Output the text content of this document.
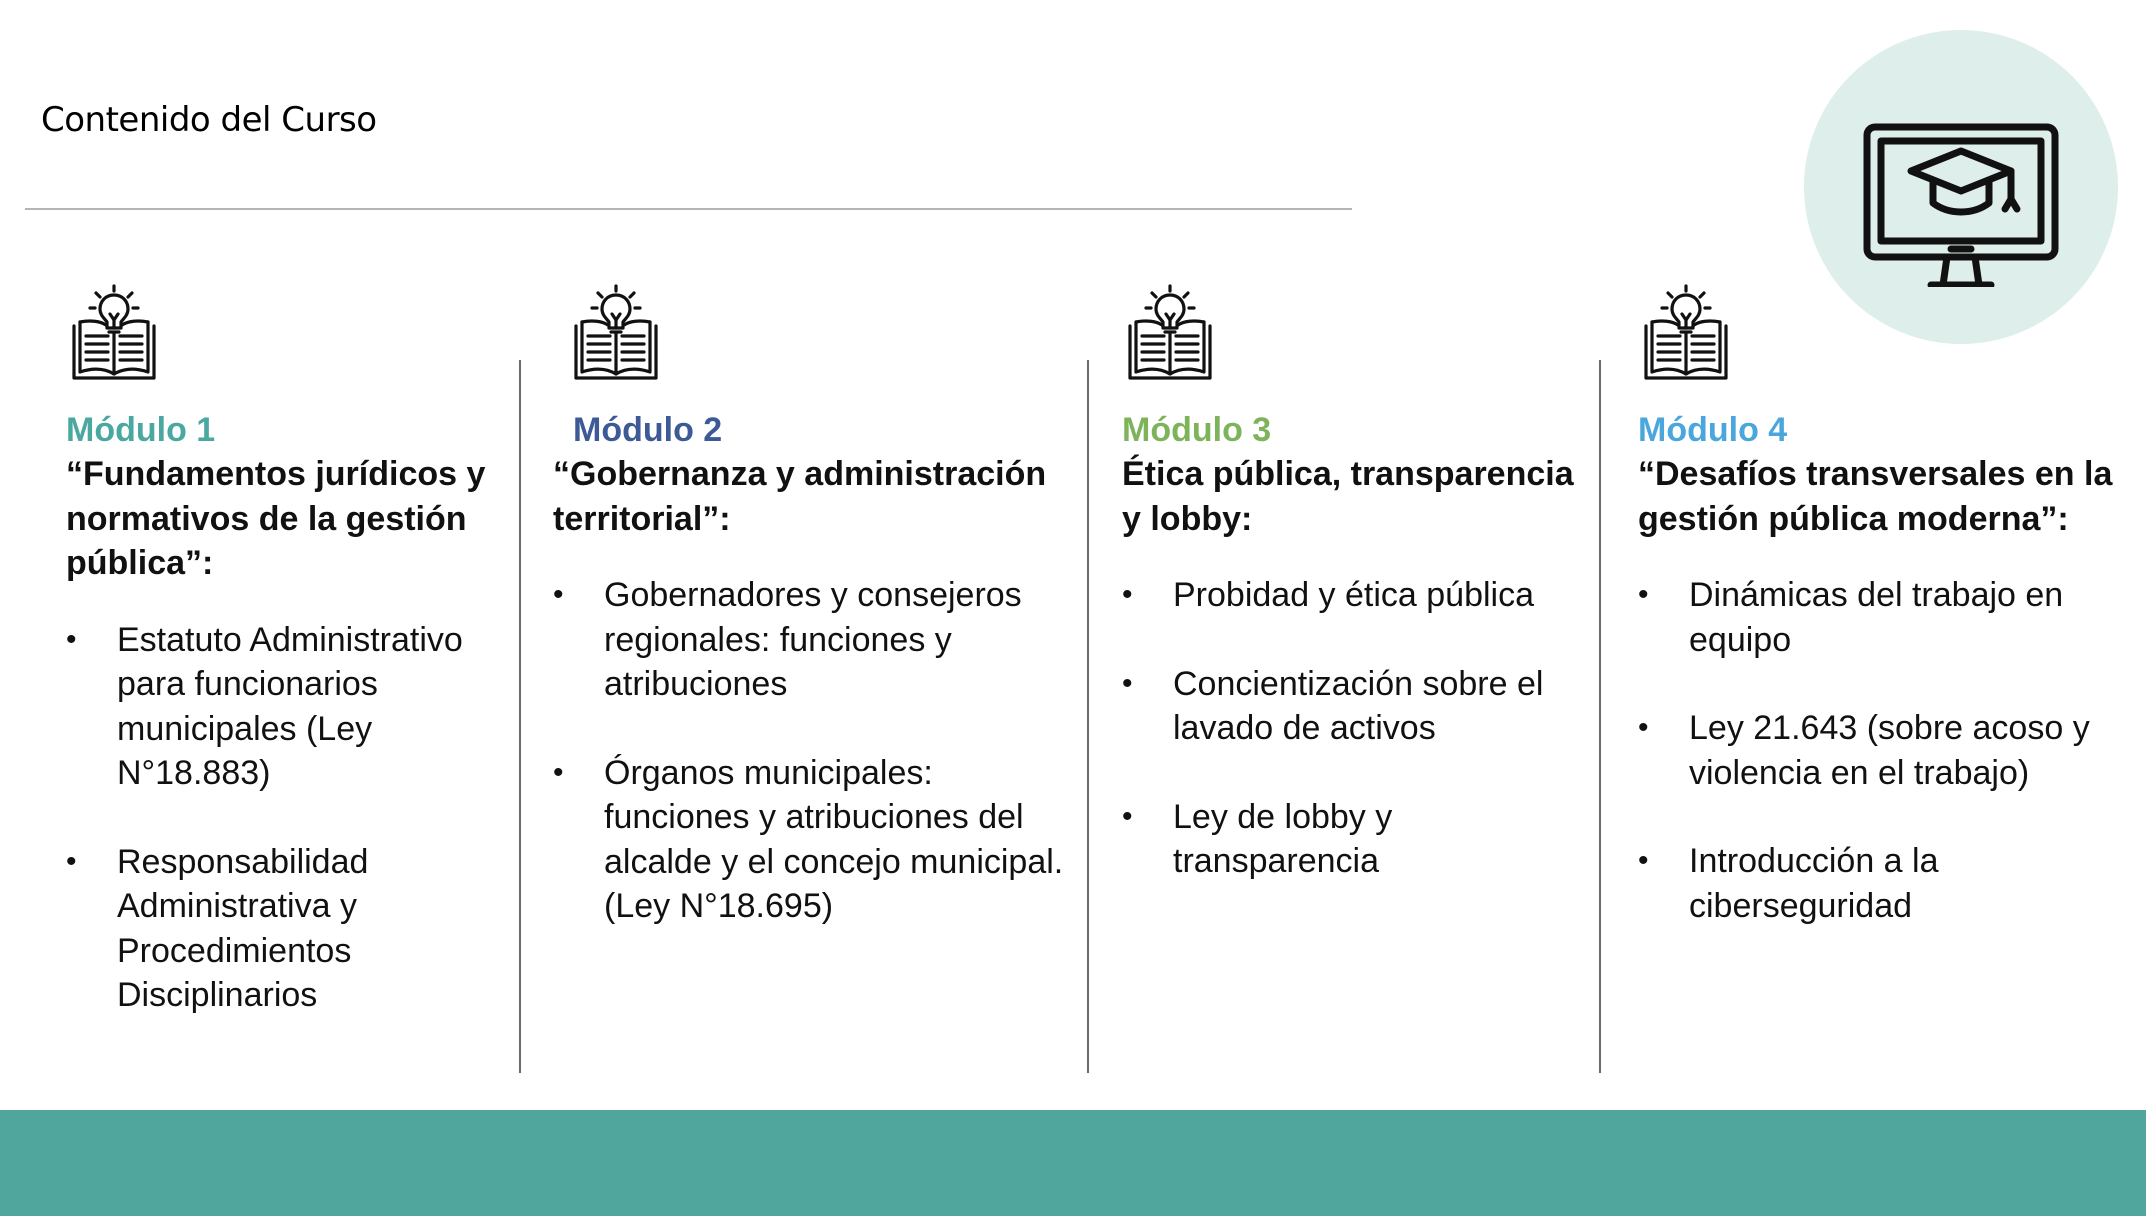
Contenido del Curso
Módulo 1
“Fundamentos jurídicos y normativos de la gestión pública”:
• Estatuto Administrativo para funcionarios municipales (Ley N°18.883)
• Responsabilidad Administrativa y Procedimientos Disciplinarios
Módulo 2
“Gobernanza y administración territorial”:
• Gobernadores y consejeros regionales: funciones y atribuciones
• Órganos municipales: funciones y atribuciones del alcalde y el concejo municipal. (Ley N°18.695)
Módulo 3
Ética pública, transparencia y lobby:
• Probidad y ética pública
• Concientización sobre el lavado de activos
• Ley de lobby y transparencia
Módulo 4
“Desafíos transversales en la gestión pública moderna”:
• Dinámicas del trabajo en equipo
• Ley 21.643 (sobre acoso y violencia en el trabajo)
• Introducción a la ciberseguridad
